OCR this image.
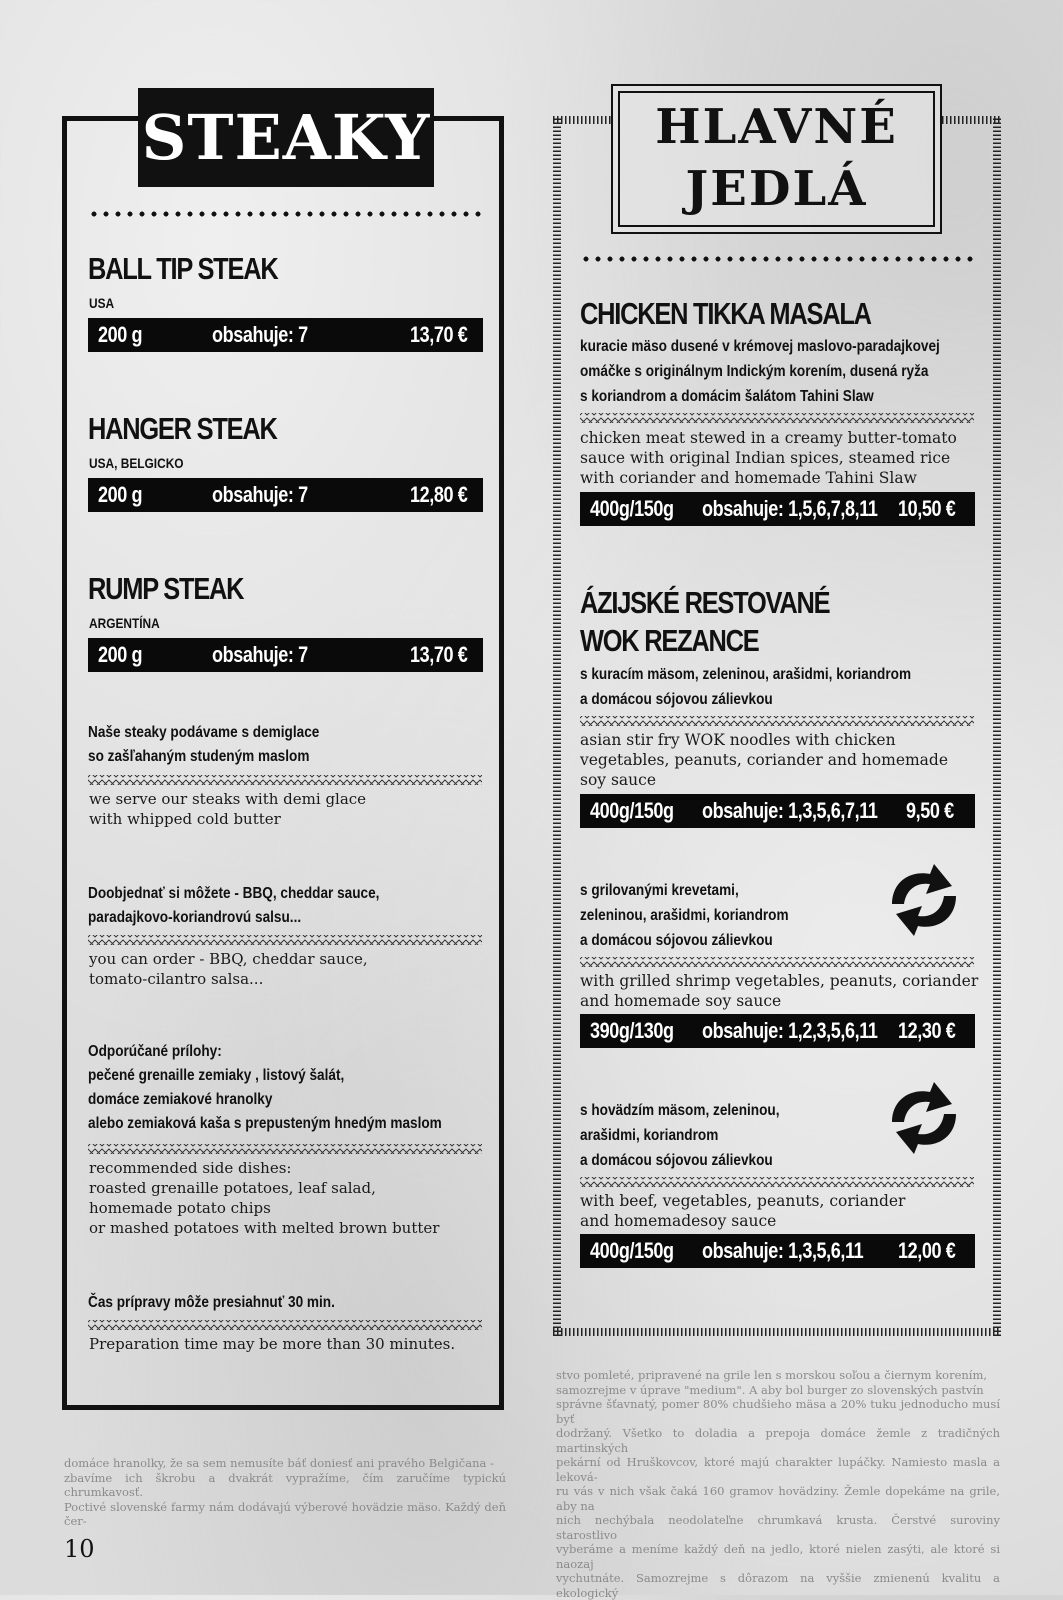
STEAKY
BALL TIP STEAK
USA
200 g	obsahuje: 7	13,70 €
HANGER STEAK
USA, BELGICKO
200 g	obsahuje: 7	12,80 €
RUMP STEAK
ARGENTÍNA
200 g	obsahuje: 7	13,70 €
Naše steaky podávame s demiglace
so zašľahaným studeným maslom
we serve our steaks with demi glace
with whipped cold butter
Doobjednať si môžete - BBQ, cheddar sauce,
paradajkovo-koriandrovú salsu...
you can order - BBQ, cheddar sauce,
tomato-cilantro salsa...
Odporúčané prílohy:
pečené grenaille zemiaky , listový šalát,
domáce zemiakové hranolky
alebo zemiaková kaša s prepusteným hnedým maslom
recommended side dishes:
roasted grenaille potatoes, leaf salad,
homemade potato chips
or mashed potatoes with melted brown butter
Čas prípravy môže presiahnuť 30 min.
Preparation time may be more than 30 minutes.
HLAVNÉ
JEDLÁ
CHICKEN TIKKA MASALA
kuracie mäso dusené v krémovej maslovo-paradajkovej
omáčke s originálnym Indickým korením, dusená ryža
s koriandrom a domácim šalátom Tahini Slaw
chicken meat stewed in a creamy butter-tomato
sauce with original Indian spices, steamed rice
with coriander and homemade Tahini Slaw
400g/150g obsahuje: 1,5,6,7,8,11 10,50 €
ÁZIJSKÉ RESTOVANÉ
WOK REZANCE
s kuracím mäsom, zeleninou, arašidmi, koriandrom
a domácou sójovou zálievkou
asian stir fry WOK noodles with chicken
vegetables, peanuts, coriander and homemade
soy sauce
400g/150g obsahuje: 1,3,5,6,7,11 9,50 €
s grilovanými krevetami,
zeleninou, arašidmi, koriandrom
a domácou sójovou zálievkou
with grilled shrimp vegetables, peanuts, coriander
and homemade soy sauce
390g/130g obsahuje: 1,2,3,5,6,11 12,30 €
s hovädzím mäsom, zeleninou,
arašidmi, koriandrom
a domácou sójovou zálievkou
with beef, vegetables, peanuts, coriander
and homemadesoy sauce
400g/150g obsahuje: 1,3,5,6,11 12,00 €
domáce hranolky, že sa sem nemusíte báť doniesť ani pravého Belgičana -
zbavíme ich škrobu a dvakrát vypražíme, čím zaručíme typickú chrumkavosť.
Poctivé slovenské farmy nám dodávajú výberové hovädzie mäso. Každý deň čer-
stvo pomleté, pripravené na grile len s morskou soľou a čiernym korením,
samozrejme v úprave "medium". A aby bol burger zo slovenských pastvín
správne šťavnatý, pomer 80% chudšieho mäsa a 20% tuku jednoducho musí byť
dodržaný. Všetko to doladia a prepoja domáce žemle z tradičných martinských
pekární od Hruškovcov, ktoré majú charakter lupáčky. Namiesto masla a leková-
ru vás v nich však čaká 160 gramov hovädziny. Žemle dopekáme na grile, aby na
nich nechýbala neodolateľne chrumkavá krusta. Čerstvé suroviny starostlivo
vyberáme a meníme každý deň na jedlo, ktoré nielen zasýti, ale ktoré si naozaj
vychutnáte. Samozrejme s dôrazom na vyššie zmienenú kvalitu a ekologický
10
